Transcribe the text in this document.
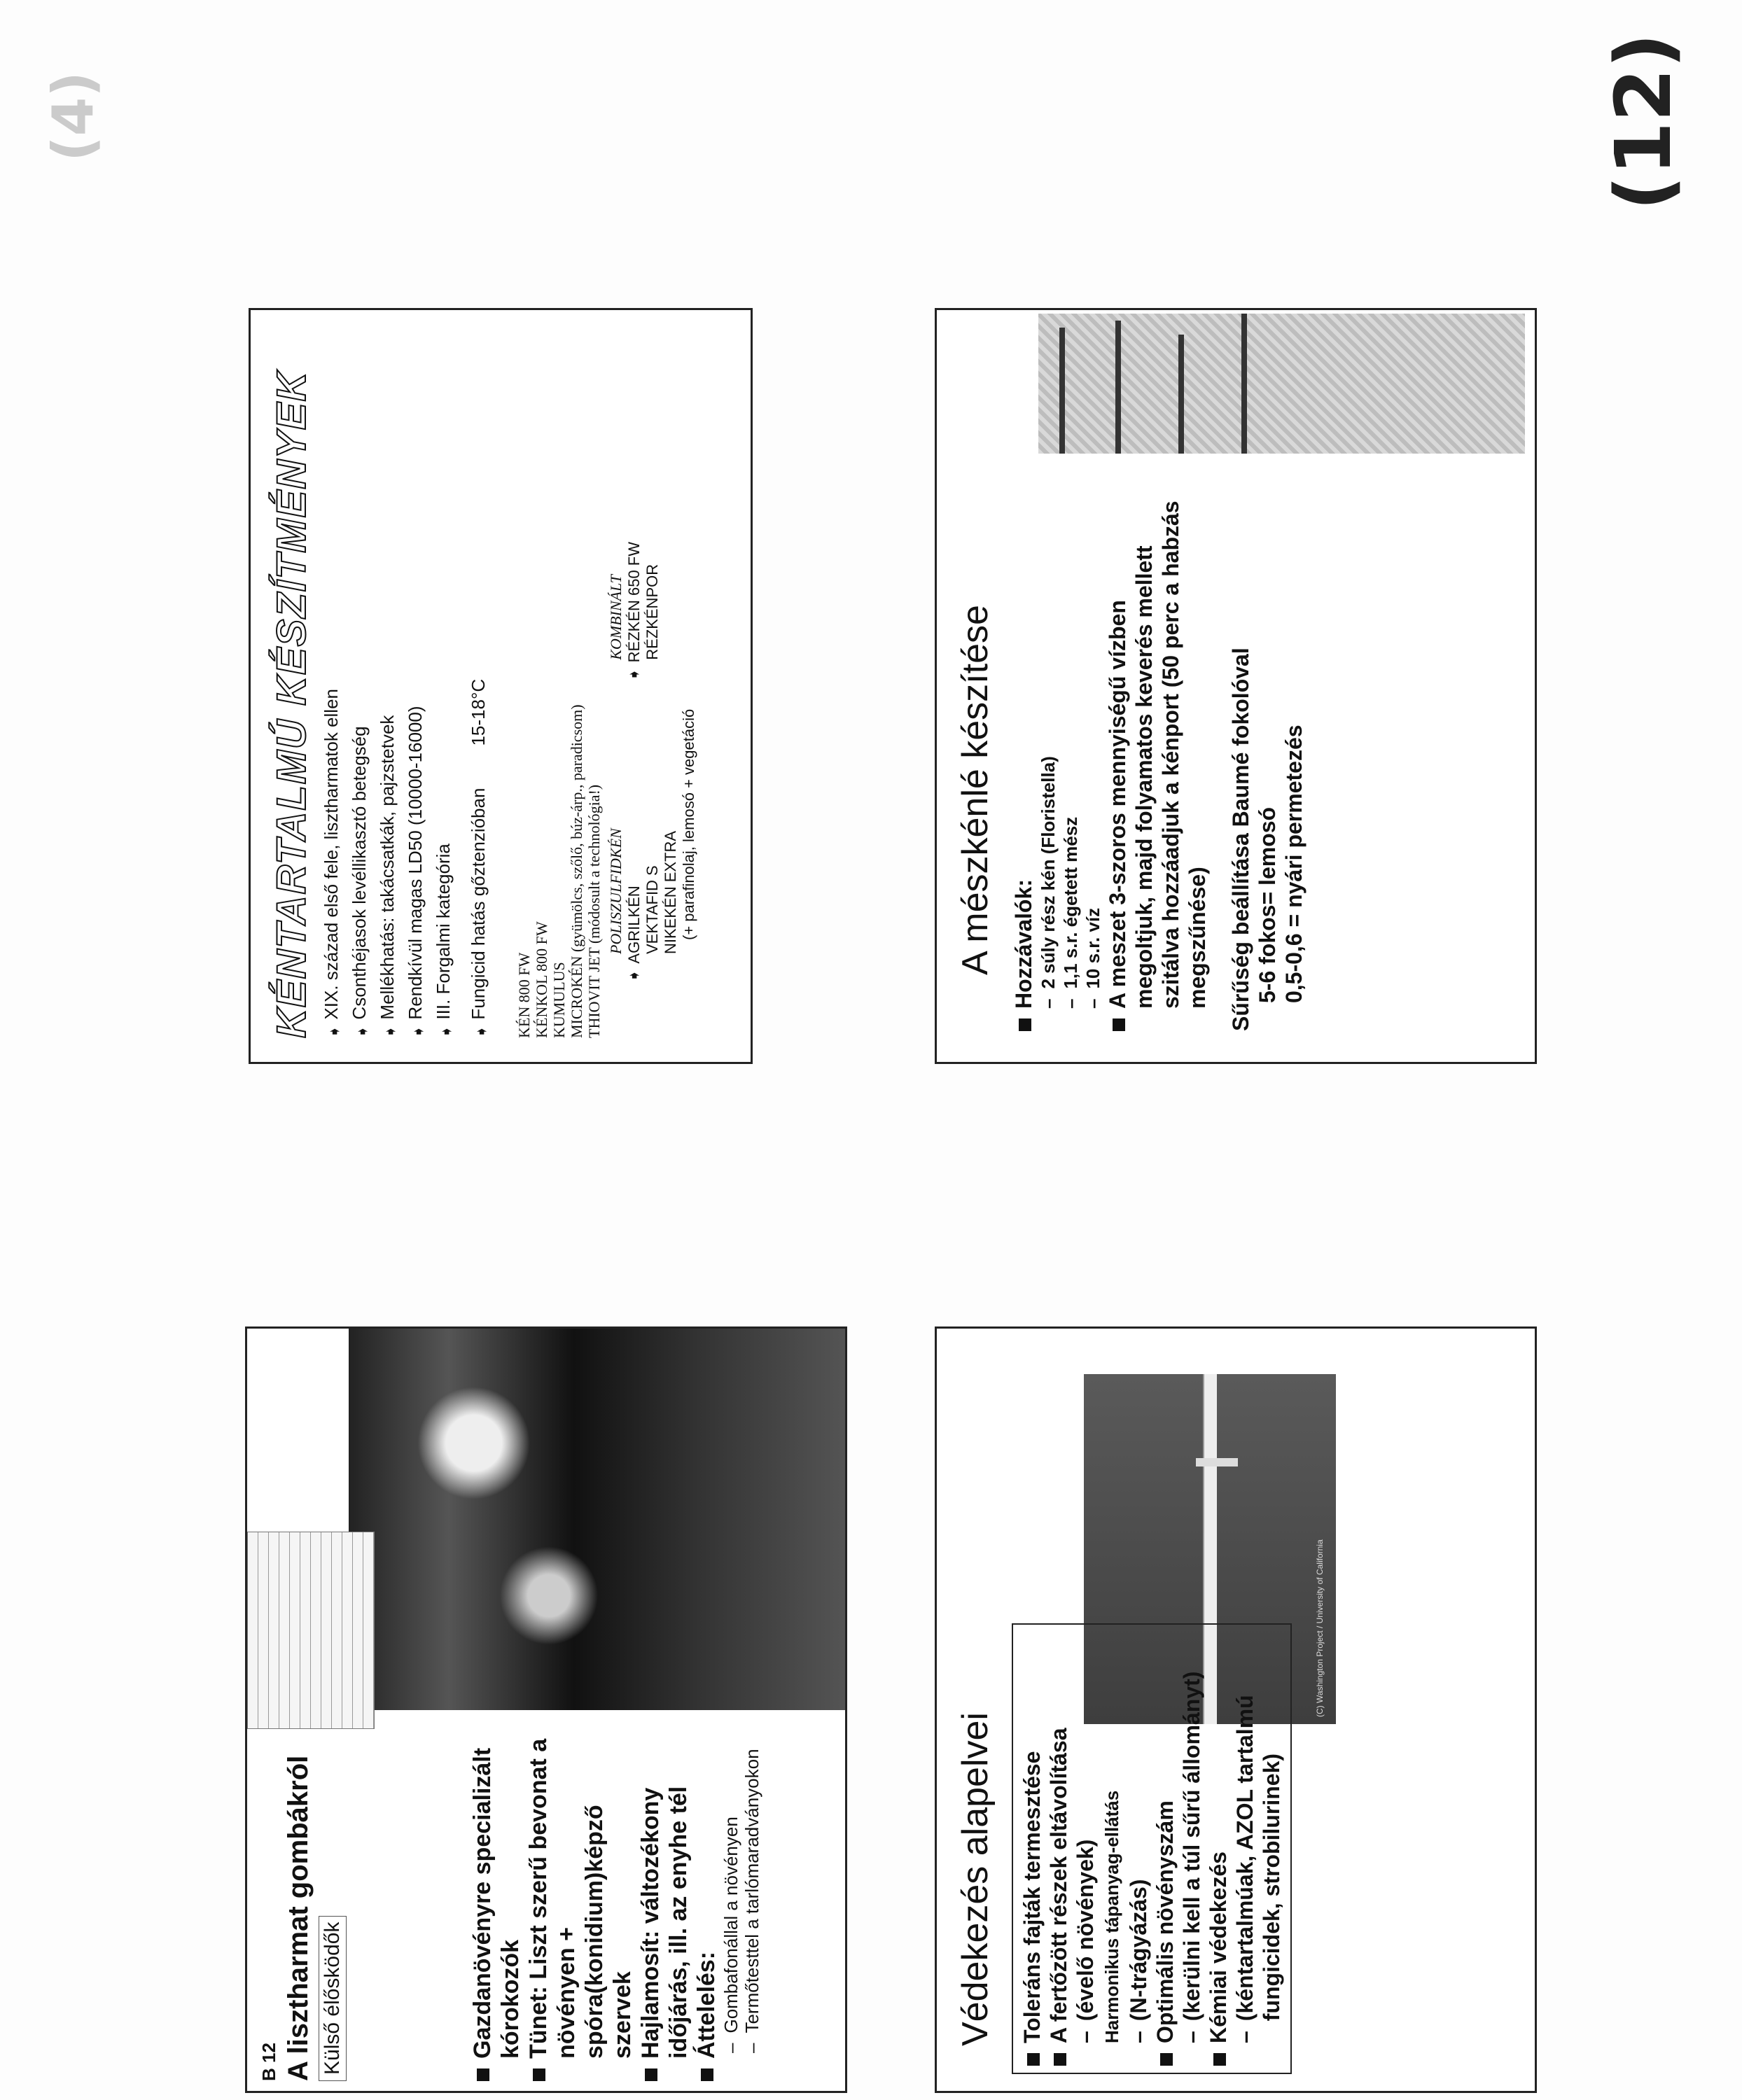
(4)	(12)
B 12 A lisztharmat gombákról Külső élősködők	Gazdanövényre specializált kórokozók Tünet: Liszt szerű bevonat a növényen + spóra(konidium)képző szervek Hajlamosít: változékony időjárás, ill. az enyhe tél Áttelelés: –
Gombafonállal a növényen
–
Termőtesttel a tarlómaradványokon
KÉNTARTALMÚ KÉSZÍTMÉNYEK ➧
XIX. század első fele, lisztharmatok ellen
➧
Csonthéjasok levéllikasztó betegség
➧
Mellékhatás: takácsatkák, pajzstetvek
➧
Rendkívül magas LD50 (10000-16000)
➧
III. Forgalmi kategória
➧
Fungicid hatás gőztenzióban
15-18°C
KÉN 800 FW KÉNKOL 800 FW KUMULUS MICROKÉN (gyümölcs, szőlő, búz-árp., paradicsom) THIOVIT JET (módosult a technológia!) POLISZULFIDKÉN
➧
AGRILKÉN VEKTAFID S NIKEKÉN EXTRA (+ parafinolaj, lemosó + vegetáció
KOMBINÁLT
➧
RÉZKÉN 650 FW RÉZKÉNPOR
(C) Washington Project / University of California
Védekezés alapelvei Toleráns fajták termesztése A fertőzött részek eltávolítása –
(évelő növények) Harmonikus tápanyag-ellátás –
(N-trágyázás) Optimális növényszám –
(kerülni kell a túl sűrű állományt) Kémiai védekezés –
(kéntartalmúak, AZOL tartalmú fungicidek, strobilurinek)
A mészkénlé készítése Hozzávalók: –
2 súly rész kén (Floristella)
–
1,1 s.r. égetett mész
–
10 s.r. víz A meszet 3-szoros mennyiségű vízben megoltjuk, majd folyamatos keverés mellett szitálva hozzáadjuk a kénport (50 perc a habzás megszűnése) Sűrűség beállítása Baumé fokolóval 5-6 fokos= lemosó 0,5-0,6 = nyári permetezés
